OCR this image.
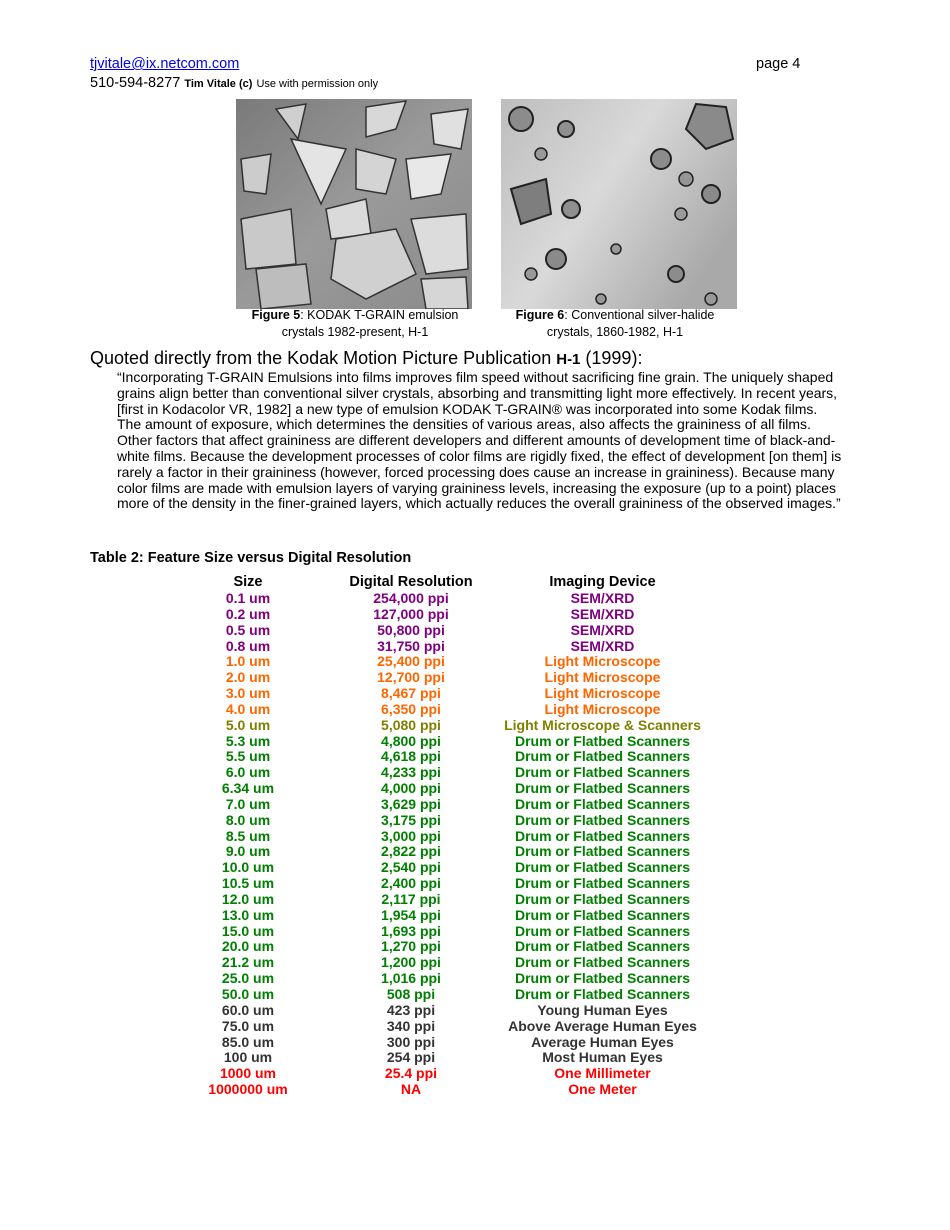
tjvitale@ix.netcom.com	page 4
510-594-8277 Tim Vitale (c) Use with permission only
Figure 5: KODAK T-GRAIN emulsion
crystals 1982-present, H-1
Figure 6: Conventional silver-halide
crystals, 1860-1982, H-1
Quoted directly from the Kodak Motion Picture Publication H-1 (1999):
“Incorporating T-GRAIN Emulsions into films improves film speed without sacrificing fine grain. The uniquely shaped grains align better than conventional silver crystals, absorbing and transmitting light more effectively. In recent years, [first in Kodacolor VR, 1982] a new type of emulsion KODAK T-GRAIN® was incorporated into some Kodak films. The amount of exposure, which determines the densities of various areas, also affects the graininess of all films. Other factors that affect graininess are different developers and different amounts of development time of black-and-white films. Because the development processes of color films are rigidly fixed, the effect of development [on them] is rarely a factor in their graininess (however, forced processing does cause an increase in graininess). Because many color films are made with emulsion layers of varying graininess levels, increasing the exposure (up to a point) places more of the density in the finer-grained layers, which actually reduces the overall graininess of the observed images.”
Table 2: Feature Size versus Digital Resolution
Size	Digital Resolution	Imaging Device
0.1 um	254,000 ppi	SEM/XRD
0.2 um	127,000 ppi	SEM/XRD
0.5 um	50,800 ppi	SEM/XRD
0.8 um	31,750 ppi	SEM/XRD
1.0 um	25,400 ppi	Light Microscope
2.0 um	12,700 ppi	Light Microscope
3.0 um	8,467 ppi	Light Microscope
4.0 um	6,350 ppi	Light Microscope
5.0 um	5,080 ppi	Light Microscope & Scanners
5.3 um	4,800 ppi	Drum or Flatbed Scanners
5.5 um	4,618 ppi	Drum or Flatbed Scanners
6.0 um	4,233 ppi	Drum or Flatbed Scanners
6.34 um	4,000 ppi	Drum or Flatbed Scanners
7.0 um	3,629 ppi	Drum or Flatbed Scanners
8.0 um	3,175 ppi	Drum or Flatbed Scanners
8.5 um	3,000 ppi	Drum or Flatbed Scanners
9.0 um	2,822 ppi	Drum or Flatbed Scanners
10.0 um	2,540 ppi	Drum or Flatbed Scanners
10.5 um	2,400 ppi	Drum or Flatbed Scanners
12.0 um	2,117 ppi	Drum or Flatbed Scanners
13.0 um	1,954 ppi	Drum or Flatbed Scanners
15.0 um	1,693 ppi	Drum or Flatbed Scanners
20.0 um	1,270 ppi	Drum or Flatbed Scanners
21.2 um	1,200 ppi	Drum or Flatbed Scanners
25.0 um	1,016 ppi	Drum or Flatbed Scanners
50.0 um	508 ppi	Drum or Flatbed Scanners
60.0 um	423 ppi	Young Human Eyes
75.0 um	340 ppi	Above Average Human Eyes
85.0 um	300 ppi	Average Human Eyes
100 um	254 ppi	Most Human Eyes
1000 um	25.4 ppi	One Millimeter
1000000 um	NA	One Meter
